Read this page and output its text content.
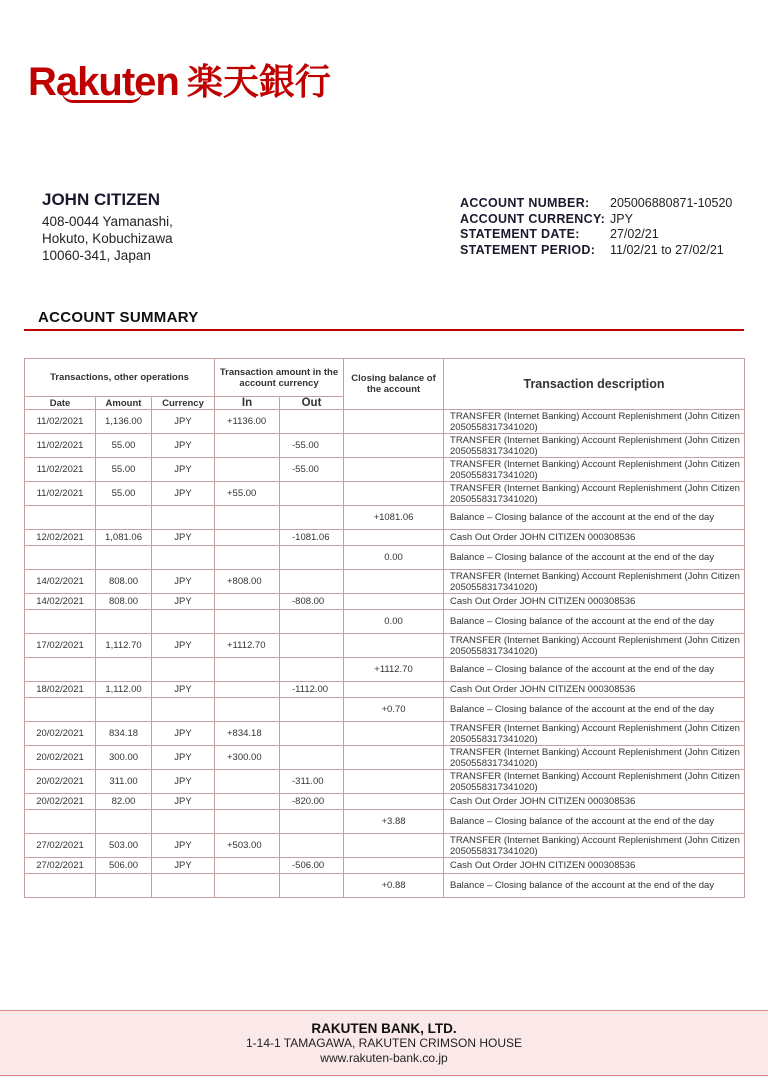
Rakuten 楽天銀行
JOHN CITIZEN
408-0044 Yamanashi,
Hokuto, Kobuchizawa
10060-341, Japan
ACCOUNT NUMBER:	205006880871-10520
ACCOUNT CURRENCY: JPY
STATEMENT DATE:	27/02/21
STATEMENT PERIOD:	11/02/21 to 27/02/21
ACCOUNT SUMMARY
Transactions, other operations			Transaction amount in the account currency		Closing balance of the account	Transaction description
Date	Amount	Currency	In	Out		
11/02/2021	1,136.00	JPY	+1136.00			TRANSFER (Internet Banking) Account Replenishment (John Citizen 2050558317341020)
11/02/2021	55.00	JPY		-55.00		TRANSFER (Internet Banking) Account Replenishment (John Citizen 2050558317341020)
11/02/2021	55.00	JPY		-55.00		TRANSFER (Internet Banking) Account Replenishment (John Citizen 2050558317341020)
11/02/2021	55.00	JPY	+55.00			TRANSFER (Internet Banking) Account Replenishment (John Citizen 2050558317341020)
					+1081.06	Balance – Closing balance of the account at the end of the day
12/02/2021	1,081.06	JPY		-1081.06		Cash Out Order JOHN CITIZEN 000308536
					0.00	Balance – Closing balance of the account at the end of the day
14/02/2021	808.00	JPY	+808.00			TRANSFER (Internet Banking) Account Replenishment (John Citizen 2050558317341020)
14/02/2021	808.00	JPY		-808.00		Cash Out Order JOHN CITIZEN 000308536
					0.00	Balance – Closing balance of the account at the end of the day
17/02/2021	1,112.70	JPY	+1112.70			TRANSFER (Internet Banking) Account Replenishment (John Citizen 2050558317341020)
					+1112.70	Balance – Closing balance of the account at the end of the day
18/02/2021	1,112.00	JPY		-1112.00		Cash Out Order JOHN CITIZEN 000308536
					+0.70	Balance – Closing balance of the account at the end of the day
20/02/2021	834.18	JPY	+834.18			TRANSFER (Internet Banking) Account Replenishment (John Citizen 2050558317341020)
20/02/2021	300.00	JPY	+300.00			TRANSFER (Internet Banking) Account Replenishment (John Citizen 2050558317341020)
20/02/2021	311.00	JPY		-311.00		TRANSFER (Internet Banking) Account Replenishment (John Citizen 2050558317341020)
20/02/2021	82.00	JPY		-820.00		Cash Out Order JOHN CITIZEN 000308536
					+3.88	Balance – Closing balance of the account at the end of the day
27/02/2021	503.00	JPY	+503.00			TRANSFER (Internet Banking) Account Replenishment (John Citizen 2050558317341020)
27/02/2021	506.00	JPY		-506.00		Cash Out Order JOHN CITIZEN 000308536
					+0.88	Balance – Closing balance of the account at the end of the day
RAKUTEN BANK, LTD.
1-14-1 TAMAGAWA, RAKUTEN CRIMSON HOUSE
www.rakuten-bank.co.jp
